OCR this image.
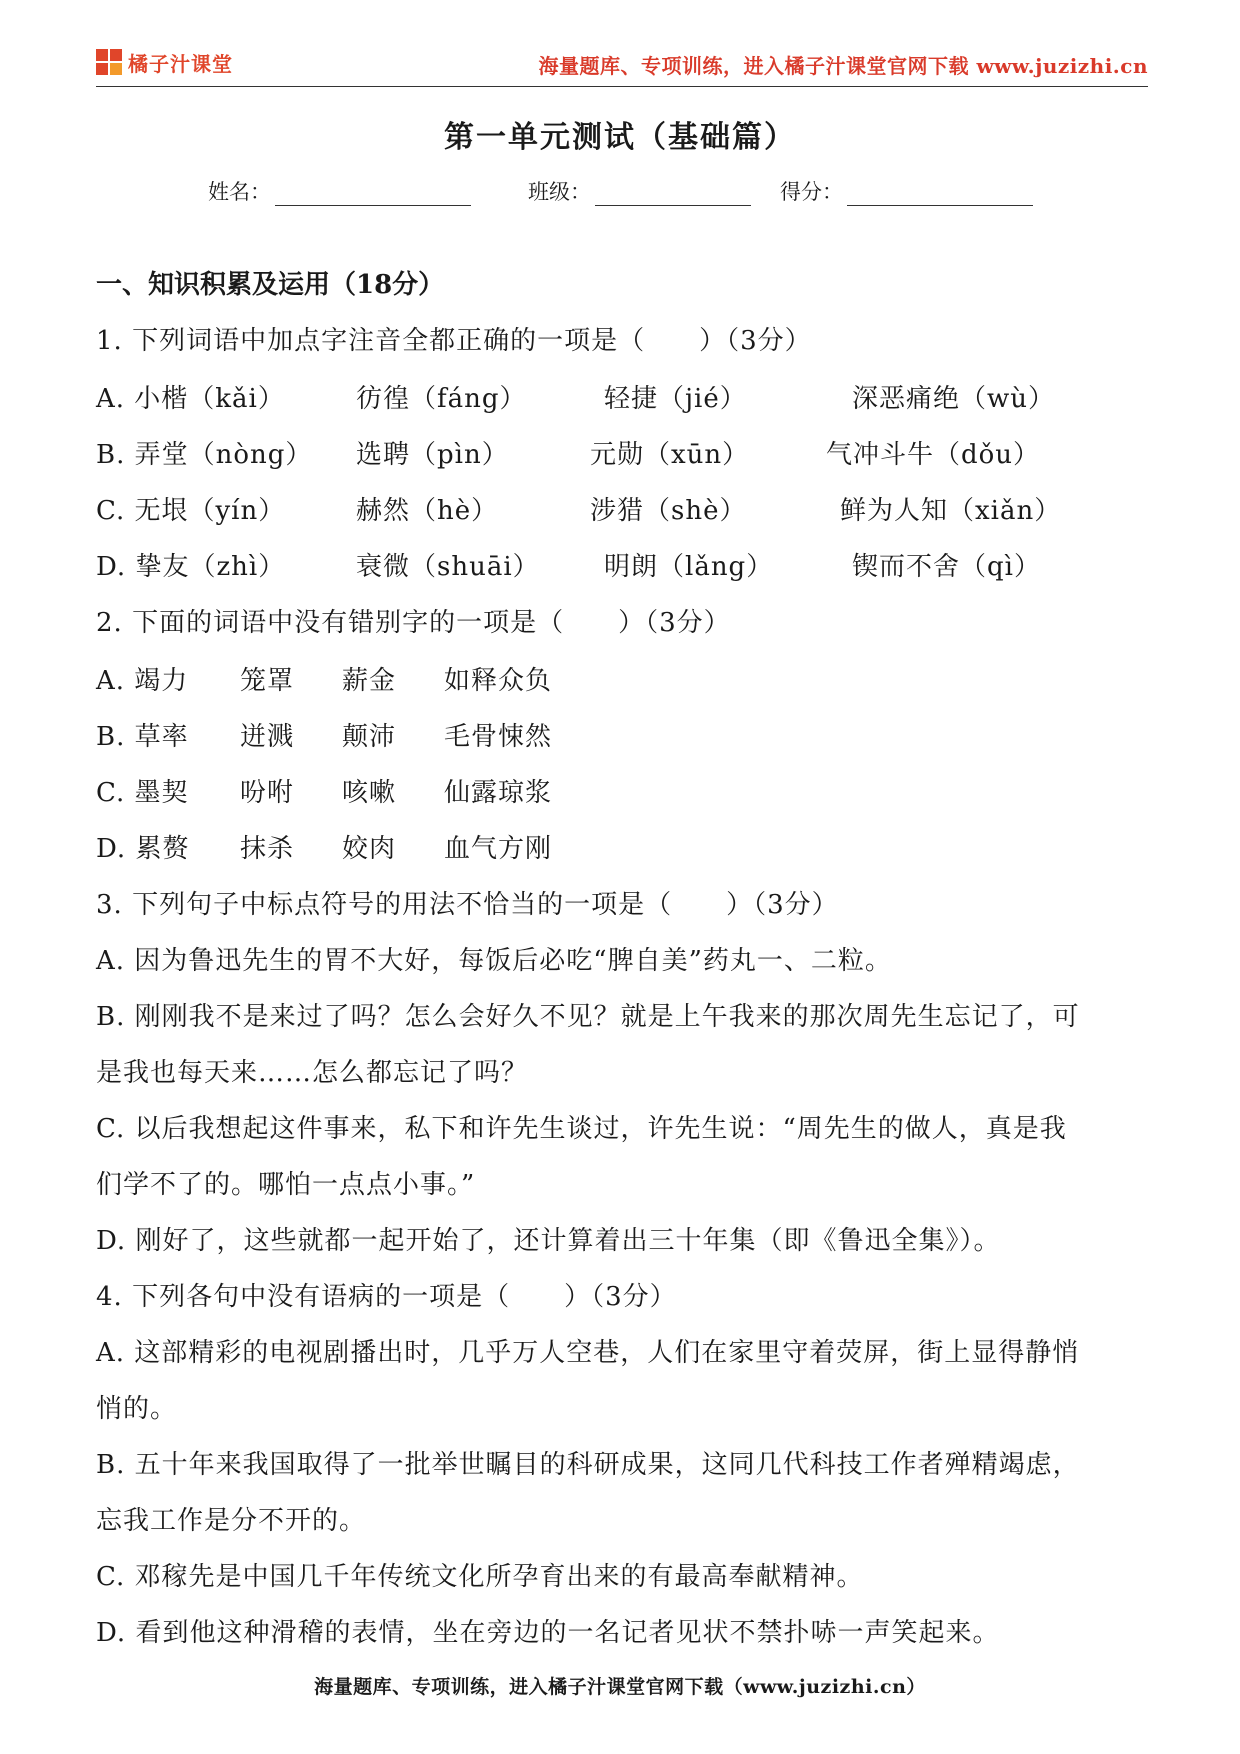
橘子汁课堂	海量题库、专项训练，进入橘子汁课堂官网下载 www.juzizhi.cn
第一单元测试（基础篇）
姓名：	班级：	得分：
一、知识积累及运用（18分）
1. 下列词语中加点字注音全都正确的一项是（　　）（3分）
A. 小楷（kǎi）	彷徨（fáng）	轻捷（jié）	深恶痛绝（wù）
B. 弄堂（nòng） 选聘（pìn）	元勋（xūn）	气冲斗牛（dǒu）
C. 无垠（yín）	赫然（hè）	涉猎（shè）	鲜为人知（xiǎn）
D. 挚友（zhì）	衰微（shuāi） 明朗（lǎng）	锲而不舍（qì）
2. 下面的词语中没有错别字的一项是（　　）（3分）
A. 竭力 笼罩 薪金 如释众负
B. 草率 迸溅 颠沛 毛骨悚然
C. 墨契 吩咐 咳嗽 仙露琼浆
D. 累赘 抹杀 姣肉 血气方刚
3. 下列句子中标点符号的用法不恰当的一项是（　　）（3分）
A. 因为鲁迅先生的胃不大好，每饭后必吃“脾自美”药丸一、二粒。
B. 刚刚我不是来过了吗？怎么会好久不见？就是上午我来的那次周先生忘记了，可
是我也每天来……怎么都忘记了吗？
C. 以后我想起这件事来，私下和许先生谈过，许先生说：“周先生的做人，真是我
们学不了的。哪怕一点点小事。”
D. 刚好了，这些就都一起开始了，还计算着出三十年集（即《鲁迅全集》）。
4. 下列各句中没有语病的一项是（　　）（3分）
A. 这部精彩的电视剧播出时，几乎万人空巷，人们在家里守着荧屏，街上显得静悄
悄的。
B. 五十年来我国取得了一批举世瞩目的科研成果，这同几代科技工作者殚精竭虑，
忘我工作是分不开的。
C. 邓稼先是中国几千年传统文化所孕育出来的有最高奉献精神。
D. 看到他这种滑稽的表情，坐在旁边的一名记者见状不禁扑哧一声笑起来。
海量题库、专项训练，进入橘子汁课堂官网下载（www.juzizhi.cn）
